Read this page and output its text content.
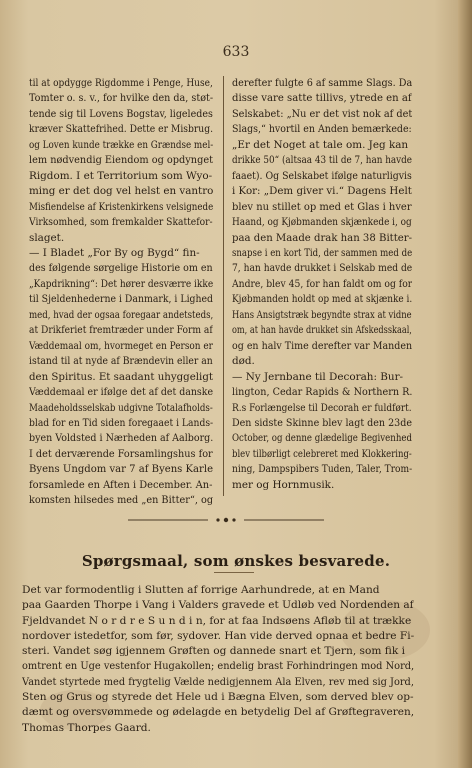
633
til at opdygge Rigdomme i Penge, Huse,
Tomter o. s. v., for hvilke den da, støt-
tende sig til Lovens Bogstav, ligeledes
kræver Skattefrihed. Dette er Misbrug.
og Loven kunde trække en Grændse mel-
lem nødvendig Eiendom og opdynget
Rigdom. I et Territorium som Wyo-
ming er det dog vel helst en vantro
Misfiendelse af Kristenkirkens velsignede
Virksomhed, som fremkalder Skattefor-
slaget.
— I Bladet „For By og Bygd“ fin-
des følgende sørgelige Historie om en
„Kapdrikning“: Det hører desværre ikke
til Sjeldenhederne i Danmark, i Lighed
med, hvad der ogsaa foregaar andetsteds,
at Drikferiet fremtræder under Form af
Væddemaal om, hvormeget en Person er
istand til at nyde af Brændevin eller an
den Spiritus. Et saadant uhyggeligt
Væddemaal er ifølge det af det danske
Maadeholdsselskab udgivne Totalafholds-
blad for en Tid siden foregaaet i Lands-
byen Voldsted i Nærheden af Aalborg.
I det derværende Forsamlingshus for
Byens Ungdom var 7 af Byens Karle
forsamlede en Aften i December. An-
komsten hilsedes med „en Bitter“, og
derefter fulgte 6 af samme Slags. Da
disse vare satte tillivs, ytrede en af
Selskabet: „Nu er det vist nok af det
Slags,“ hvortil en Anden bemærkede:
„Er det Noget at tale om. Jeg kan
drikke 50“ (altsaa 43 til de 7, han havde
faaet). Og Selskabet ifølge naturligvis
i Kor: „Dem giver vi.“ Dagens Helt
blev nu stillet op med et Glas i hver
Haand, og Kjøbmanden skjænkede i, og
paa den Maade drak han 38 Bitter-
snapse i en kort Tid, der sammen med de
7, han havde drukket i Selskab med de
Andre, blev 45, for han faldt om og for
Kjøbmanden holdt op med at skjænke i.
Hans Ansigtstræk begyndte strax at vidne
om, at han havde drukket sin Afskedsskaal,
og en halv Time derefter var Manden
død.
— Ny Jernbane til Decorah: Bur-
lington, Cedar Rapids & Northern R.
R.s Forlængelse til Decorah er fuldført.
Den sidste Skinne blev lagt den 23de
October, og denne glædelige Begivenhed
blev tilbørligt celebreret med Klokkering-
ning, Dampspibers Tuden, Taler, Trom-
mer og Hornmusik.
Spørgsmaal, som ønskes besvarede.
Det var formodentlig i Slutten af forrige Aarhundrede, at en Mand
paa Gaarden Thorpe i Vang i Valders gravede et Udløb ved Nordenden af
Fjeldvandet N o r d r e S u n d i n, for at faa Indsøens Afløb til at trække
nordover istedetfor, som før, sydover. Han vide derved opnaa et bedre Fi-
steri. Vandet søg igjennem Grøften og dannede snart et Tjern, som fik i
omtrent en Uge vestenfor Hugakollen; endelig brast Forhindringen mod Nord,
Vandet styrtede med frygtelig Vælde nedigjennem Ala Elven, rev med sig Jord,
Sten og Grus og styrede det Hele ud i Bægna Elven, som derved blev op-
dæmt og oversvømmede og ødelagde en betydelig Del af Grøftegraveren,
Thomas Thorpes Gaard.
